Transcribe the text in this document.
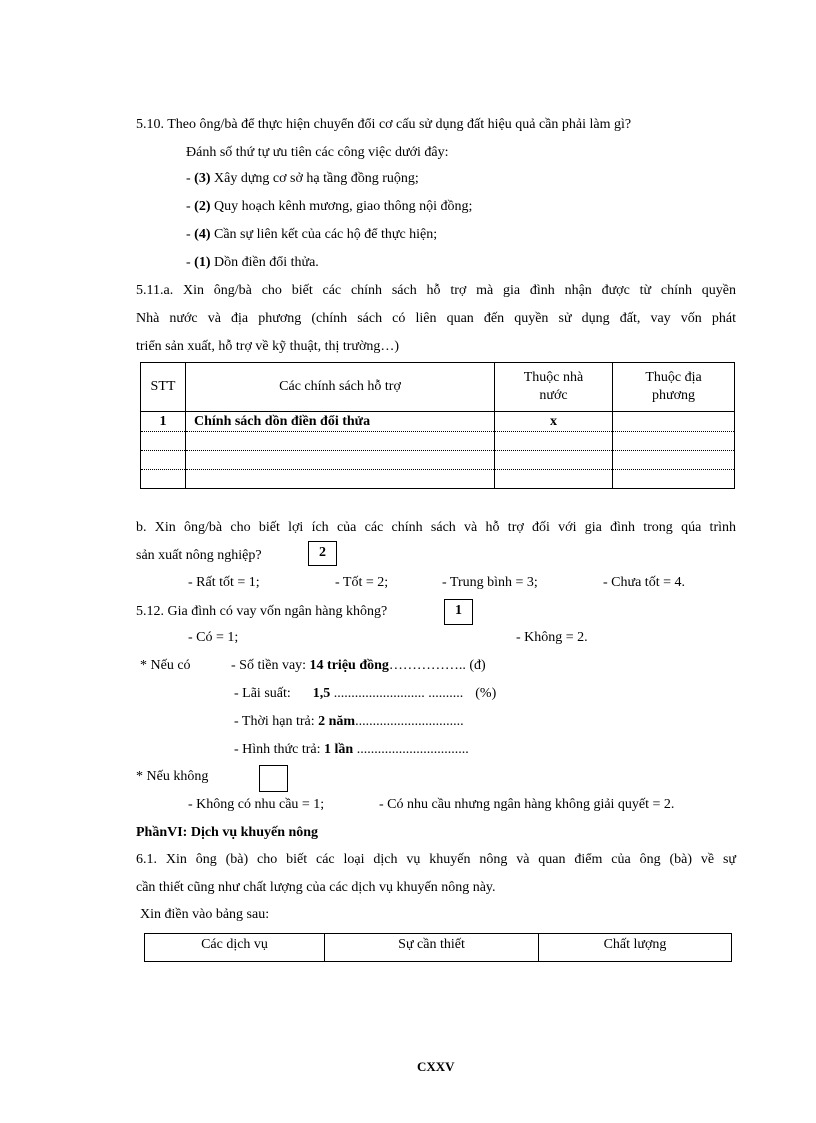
5.10. Theo ông/bà để thực hiện chuyển đổi cơ cấu sử dụng đất hiệu quả cần phải làm gì?
Đánh số thứ tự ưu tiên các công việc dưới đây:
- (3) Xây dựng cơ sở hạ tầng đồng ruộng;
- (2) Quy hoạch kênh mương, giao thông nội đồng;
- (4) Cần sự liên kết của các hộ để thực hiện;
- (1) Dồn điền đổi thửa.
5.11.a. Xin ông/bà cho biết các chính sách hỗ trợ mà gia đình nhận được từ chính quyền
Nhà nước và địa phương (chính sách có liên quan đến quyền sử dụng đất, vay vốn phát
triển sản xuất, hỗ trợ về kỹ thuật, thị trường…)
STT	Các chính sách hỗ trợ	Thuộc nhà nước	Thuộc địa phương

1	Chính sách dồn điền đổi thửa	x	

b. Xin ông/bà cho biết lợi ích của các chính sách và hỗ trợ đối với gia đình trong qúa trình
sản xuất nông nghiệp?	2
- Rất tốt = 1;	- Tốt = 2;	- Trung bình = 3;	- Chưa tốt = 4.
5.12. Gia đình có vay vốn ngân hàng không?	1
- Có = 1;	- Không = 2.
* Nếu có	- Số tiền vay: 14 triệu đồng…………….. (đ)
- Lãi suất: 1,5 .......................... .......... (%)
- Thời hạn trả: 2 năm...............................
- Hình thức trả: 1 lần ................................
* Nếu không
- Không có nhu cầu = 1;	- Có nhu cầu nhưng ngân hàng không giải quyết = 2.
PhầnVI: Dịch vụ khuyến nông
6.1. Xin ông (bà) cho biết các loại dịch vụ khuyến nông và quan điểm của ông (bà) về sự
cần thiết cũng như chất lượng của các dịch vụ khuyến nông này.
Xin điền vào bảng sau:
Các dịch vụ	Sự cần thiết	Chất lượng
CXXV
